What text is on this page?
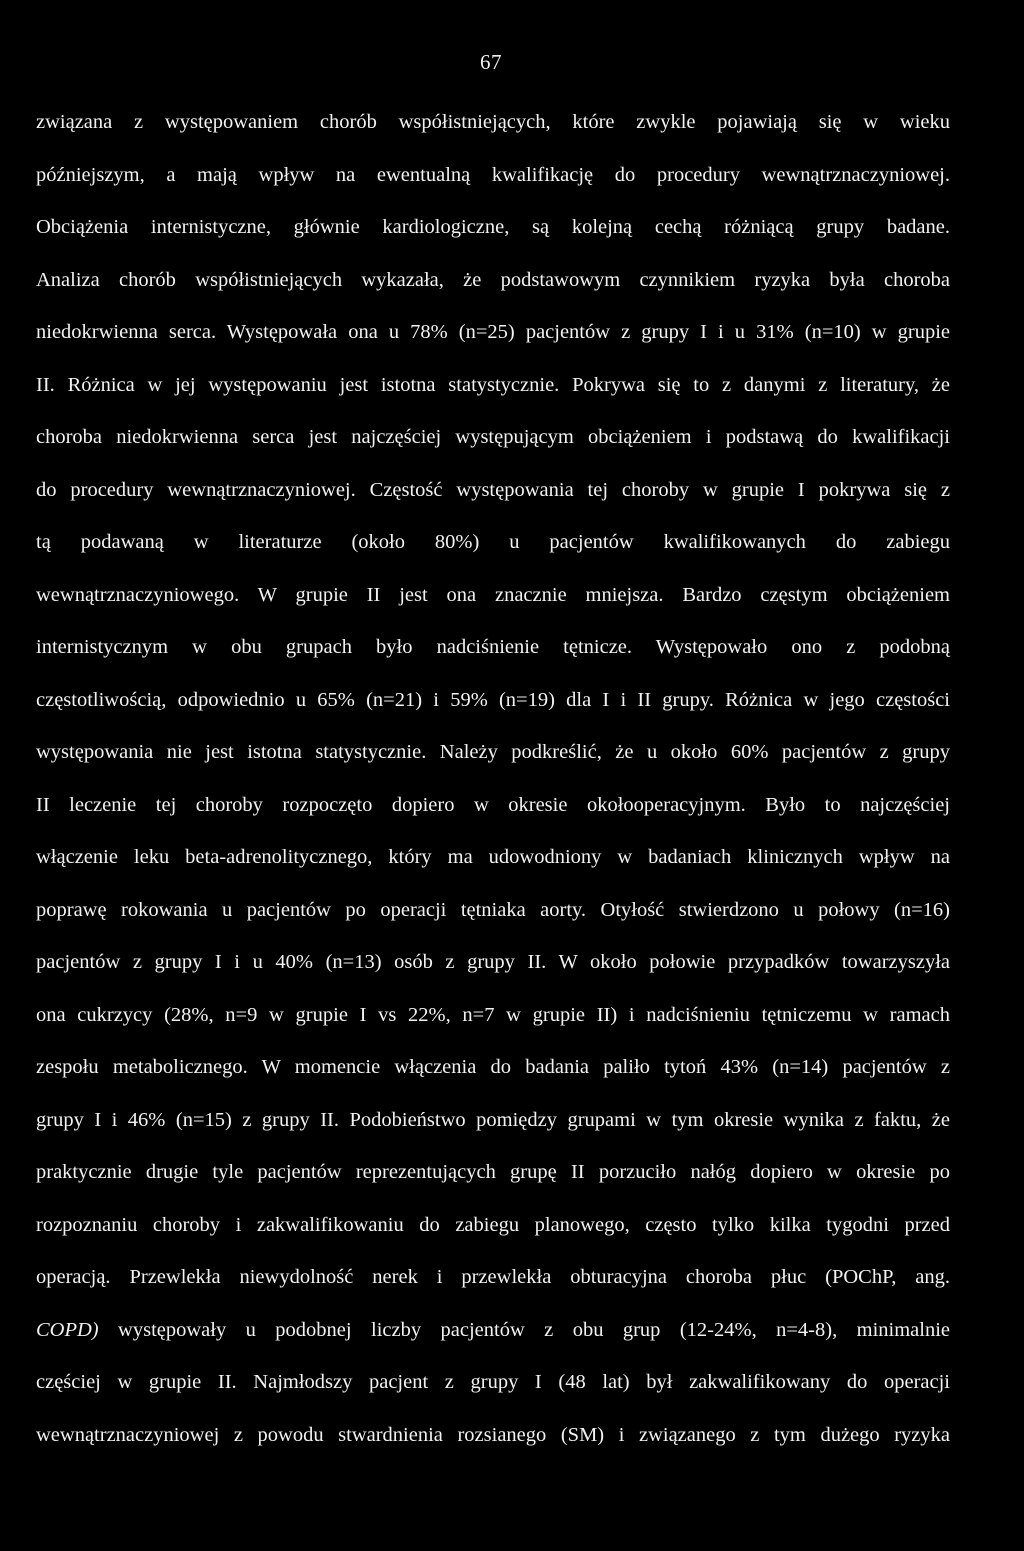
67
związana z występowaniem chorób współistniejących, które zwykle pojawiają się w wieku
późniejszym, a mają wpływ na ewentualną kwalifikację do procedury wewnątrznaczyniowej.
Obciążenia internistyczne, głównie kardiologiczne, są kolejną cechą różniącą grupy badane.
Analiza chorób współistniejących wykazała, że podstawowym czynnikiem ryzyka była choroba
niedokrwienna serca. Występowała ona u 78% (n=25) pacjentów z grupy I i u 31% (n=10) w grupie
II. Różnica w jej występowaniu jest istotna statystycznie. Pokrywa się to z danymi z literatury, że
choroba niedokrwienna serca jest najczęściej występującym obciążeniem i podstawą do kwalifikacji
do procedury wewnątrznaczyniowej. Częstość występowania tej choroby w grupie I pokrywa się z
tą podawaną w literaturze (około 80%) u pacjentów kwalifikowanych do zabiegu
wewnątrznaczyniowego. W grupie II jest ona znacznie mniejsza. Bardzo częstym obciążeniem
internistycznym w obu grupach było nadciśnienie tętnicze. Występowało ono z podobną
częstotliwością, odpowiednio u 65% (n=21) i 59% (n=19) dla I i II grupy. Różnica w jego częstości
występowania nie jest istotna statystycznie. Należy podkreślić, że u około 60% pacjentów z grupy
II leczenie tej choroby rozpoczęto dopiero w okresie okołooperacyjnym. Było to najczęściej
włączenie leku beta-adrenolitycznego, który ma udowodniony w badaniach klinicznych wpływ na
poprawę rokowania u pacjentów po operacji tętniaka aorty. Otyłość stwierdzono u połowy (n=16)
pacjentów z grupy I i u 40% (n=13) osób z grupy II. W około połowie przypadków towarzyszyła
ona cukrzycy (28%, n=9 w grupie I vs 22%, n=7 w grupie II) i nadciśnieniu tętniczemu w ramach
zespołu metabolicznego. W momencie włączenia do badania paliło tytoń 43% (n=14) pacjentów z
grupy I i 46% (n=15) z grupy II. Podobieństwo pomiędzy grupami w tym okresie wynika z faktu, że
praktycznie drugie tyle pacjentów reprezentujących grupę II porzuciło nałóg dopiero w okresie po
rozpoznaniu choroby i zakwalifikowaniu do zabiegu planowego, często tylko kilka tygodni przed
operacją. Przewlekła niewydolność nerek i przewlekła obturacyjna choroba płuc (POChP, ang.
COPD) występowały u podobnej liczby pacjentów z obu grup (12-24%, n=4-8), minimalnie
częściej w grupie II. Najmłodszy pacjent z grupy I (48 lat) był zakwalifikowany do operacji
wewnątrznaczyniowej z powodu stwardnienia rozsianego (SM) i związanego z tym dużego ryzyka
